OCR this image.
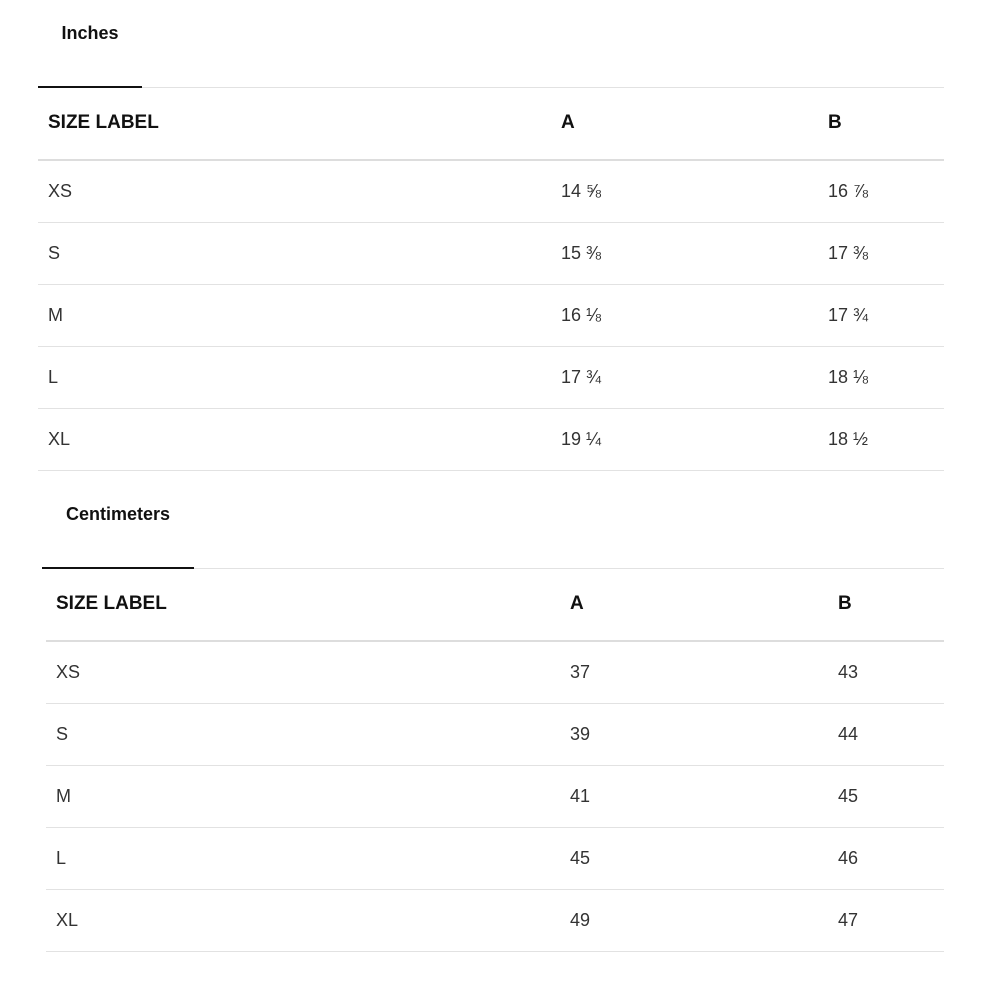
Inches
SIZE LABEL	A	B
XS	14 ⅝	16 ⅞
S	15 ⅜	17 ⅜
M	16 ⅛	17 ¾
L	17 ¾	18 ⅛
XL	19 ¼	18 ½
Centimeters
SIZE LABEL	A	B
XS	37	43
S	39	44
M	41	45
L	45	46
XL	49	47
